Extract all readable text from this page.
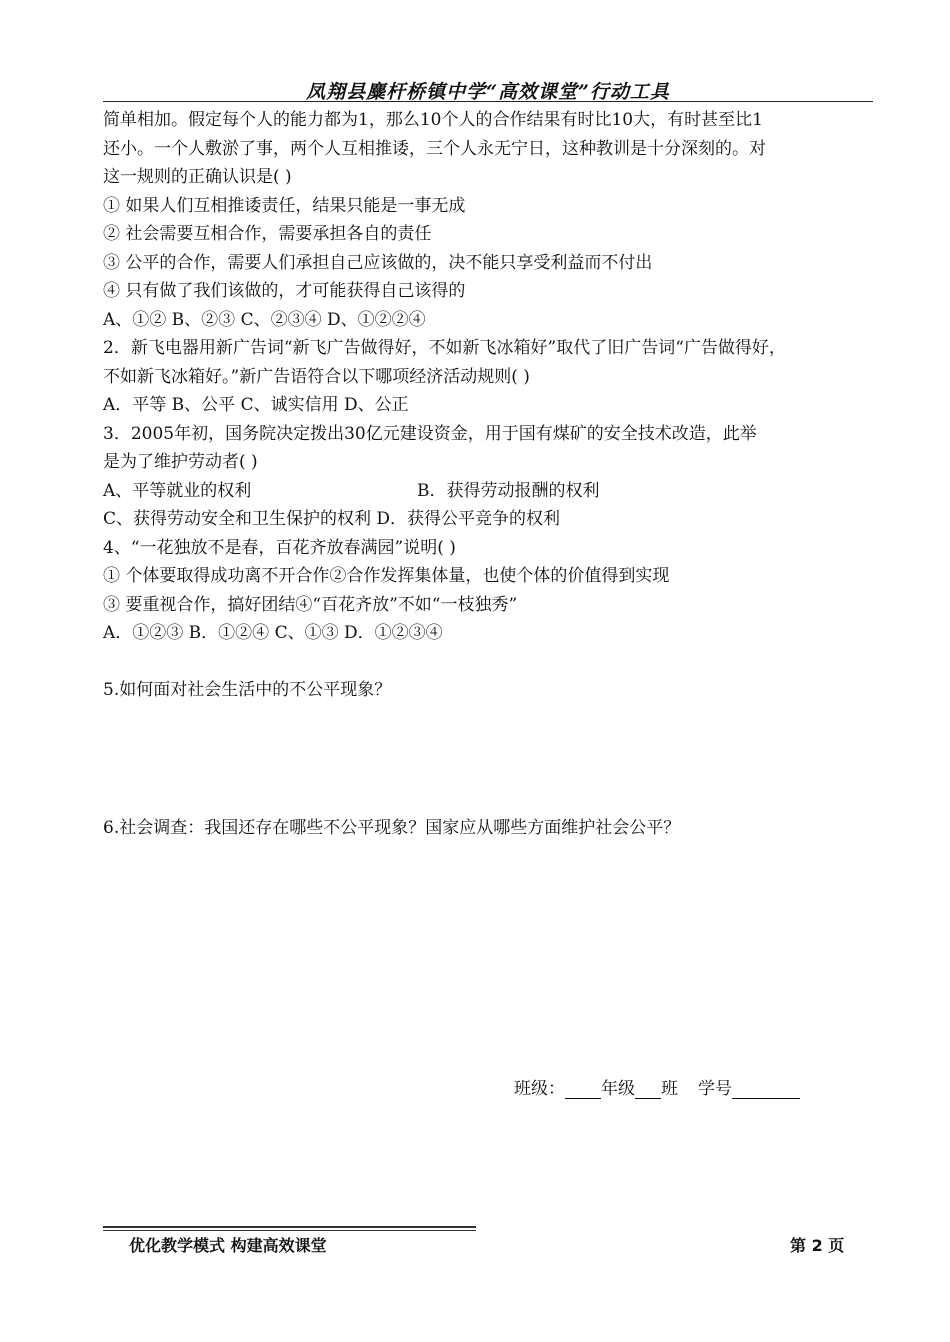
凤翔县麋杆桥镇中学“高效课堂”行动工具
简单相加。假定每个人的能力都为1，那么10个人的合作结果有时比10大，有时甚至比1
还小。一个人敷淤了事，两个人互相推诿，三个人永无宁日，这种教训是十分深刻的。对
这一规则的正确认识是( )
① 如果人们互相推诿责任，结果只能是一事无成
② 社会需要互相合作，需要承担各自的责任
③ 公平的合作，需要人们承担自己应该做的，决不能只享受利益而不付出
④ 只有做了我们该做的，才可能获得自己该得的
A、①② B、②③ C、②③④ D、①②②④
2．新飞电器用新广告词“新飞广告做得好，不如新飞冰箱好”取代了旧广告词“广告做得好，
不如新飞冰箱好。”新广告语符合以下哪项经济活动规则( )
A．平等 B、公平 C、诚实信用 D、公正
3．2005年初，国务院决定拨出30亿元建设资金，用于国有煤矿的安全技术改造，此举
是为了维护劳动者( )
A、平等就业的权利	B．获得劳动报酬的权利
C、获得劳动安全和卫生保护的权利 D．获得公平竞争的权利
4、“一花独放不是春，百花齐放春满园”说明( )
① 个体要取得成功离不开合作②合作发挥集体量，也使个体的价值得到实现
③ 要重视合作，搞好团结④“百花齐放”不如“一枝独秀”
A．①②③ B．①②④ C、①③ D．①②③④
5.如何面对社会生活中的不公平现象？
6.社会调查：我国还存在哪些不公平现象？国家应从哪些方面维护社会公平？
班级： 年级 班 学号
优化教学模式 构建高效课堂	第 2 页
